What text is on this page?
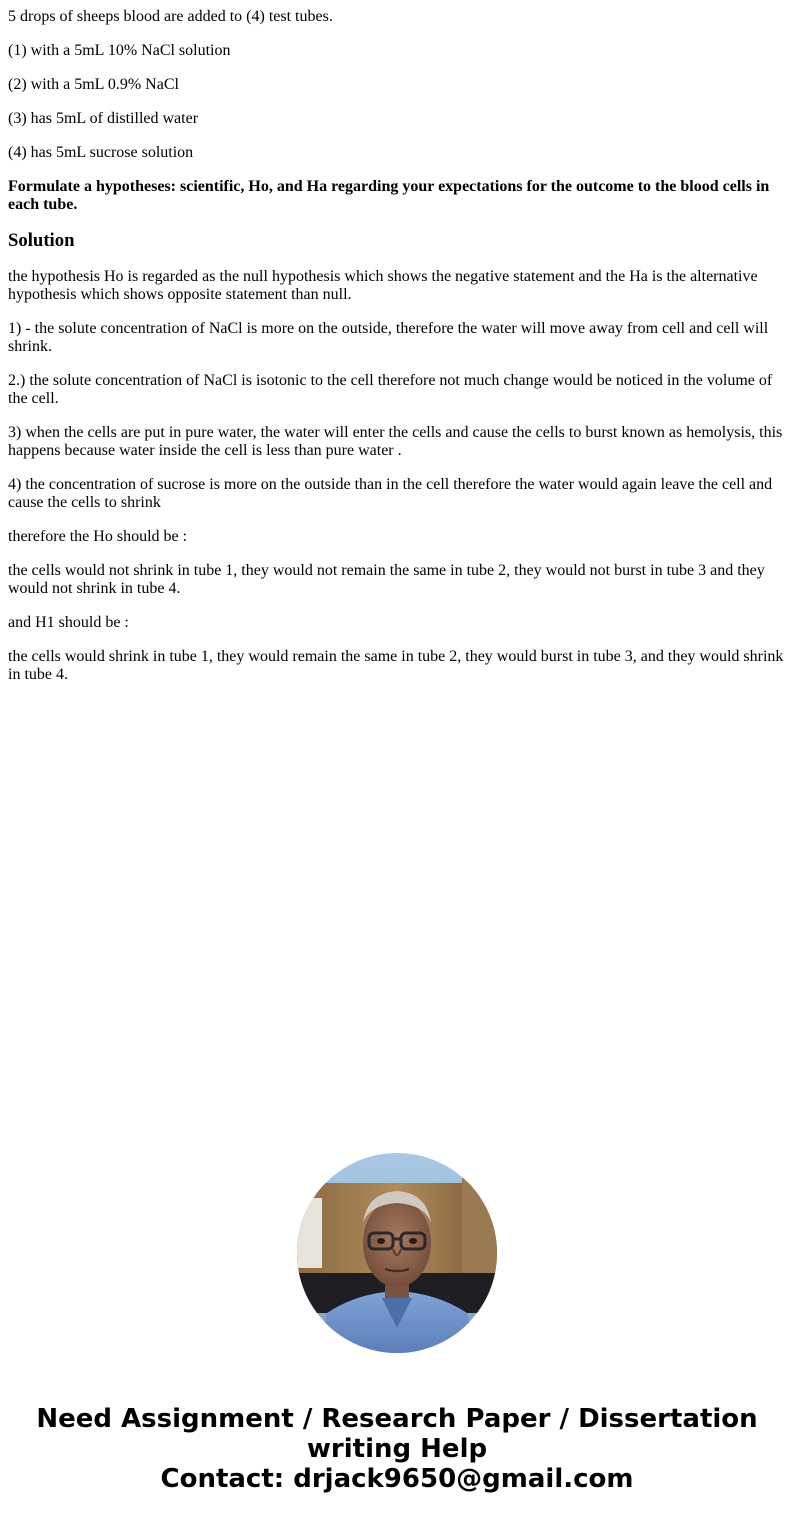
5 drops of sheeps blood are added to (4) test tubes.

(1) with a 5mL 10% NaCl solution

(2) with a 5mL 0.9% NaCl

(3) has 5mL of distilled water

(4) has 5mL sucrose solution

Formulate a hypotheses: scientific, Ho, and Ha regarding your expectations for the outcome to the blood cells in each tube.

Solution

the hypothesis Ho is regarded as the null hypothesis which shows the negative statement and the Ha is the alternative hypothesis which shows opposite statement than null.

1) - the solute concentration of NaCl is more on the outside, therefore the water will move away from cell and cell will shrink.

2.) the solute concentration of NaCl is isotonic to the cell therefore not much change would be noticed in the volume of the cell.

3) when the cells are put in pure water, the water will enter the cells and cause the cells to burst known as hemolysis, this happens because water inside the cell is less than pure water .

4) the concentration of sucrose is more on the outside than in the cell therefore the water would again leave the cell and cause the cells to shrink

therefore the Ho should be :

the cells would not shrink in tube 1, they would not remain the same in tube 2, they would not burst in tube 3 and they would not shrink in tube 4.

and H1 should be :

the cells would shrink in tube 1, they would remain the same in tube 2, they would burst in tube 3, and they would shrink in tube 4.

Need Assignment / Research Paper / Dissertation
writing Help
Contact: drjack9650@gmail.com
